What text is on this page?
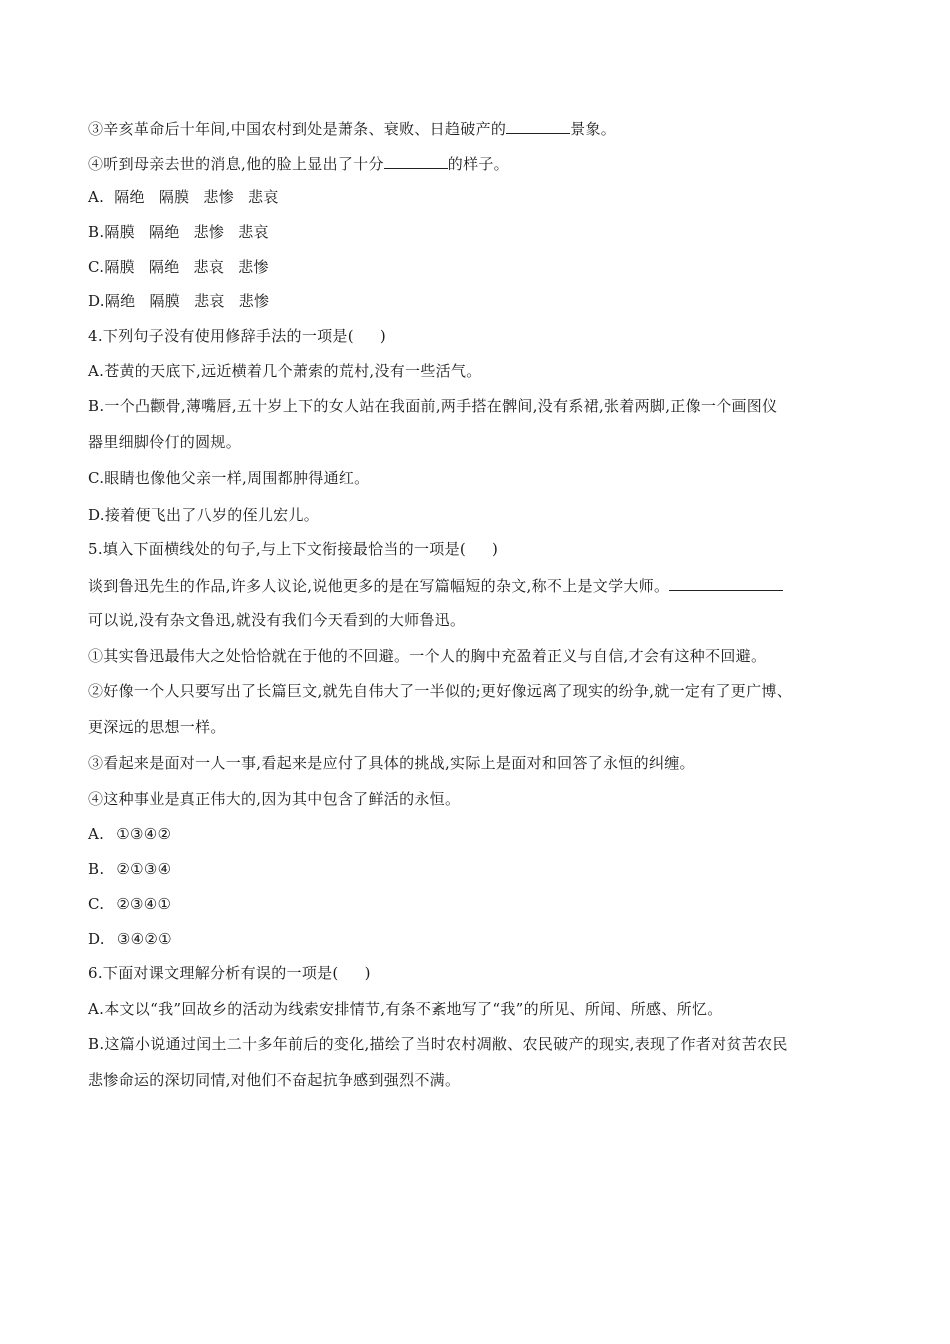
③辛亥革命后十年间,中国农村到处是萧条、衰败、日趋破产的	景象。
④听到母亲去世的消息,他的脸上显出了十分	的样子。
A. 隔绝 隔膜 悲惨 悲哀
B.隔膜 隔绝 悲惨 悲哀
C.隔膜 隔绝 悲哀 悲惨
D.隔绝 隔膜 悲哀 悲惨
4.下列句子没有使用修辞手法的一项是( )
A.苍黄的天底下,远近横着几个萧索的荒村,没有一些活气。
B.一个凸颧骨,薄嘴唇,五十岁上下的女人站在我面前,两手搭在髀间,没有系裙,张着两脚,正像一个画图仪
器里细脚伶仃的圆规。
C.眼睛也像他父亲一样,周围都肿得通红。
D.接着便飞出了八岁的侄儿宏儿。
5.填入下面横线处的句子,与上下文衔接最恰当的一项是( )
谈到鲁迅先生的作品,许多人议论,说他更多的是在写篇幅短的杂文,称不上是文学大师。
可以说,没有杂文鲁迅,就没有我们今天看到的大师鲁迅。
①其实鲁迅最伟大之处恰恰就在于他的不回避。一个人的胸中充盈着正义与自信,才会有这种不回避。
②好像一个人只要写出了长篇巨文,就先自伟大了一半似的;更好像远离了现实的纷争,就一定有了更广博、
更深远的思想一样。
③看起来是面对一人一事,看起来是应付了具体的挑战,实际上是面对和回答了永恒的纠缠。
④这种事业是真正伟大的,因为其中包含了鲜活的永恒。
A. ①③④②
B. ②①③④
C. ②③④①
D. ③④②①
6.下面对课文理解分析有误的一项是( )
A.本文以“我”回故乡的活动为线索安排情节,有条不紊地写了“我”的所见、所闻、所感、所忆。
B.这篇小说通过闰土二十多年前后的变化,描绘了当时农村凋敝、农民破产的现实,表现了作者对贫苦农民
悲惨命运的深切同情,对他们不奋起抗争感到强烈不满。
